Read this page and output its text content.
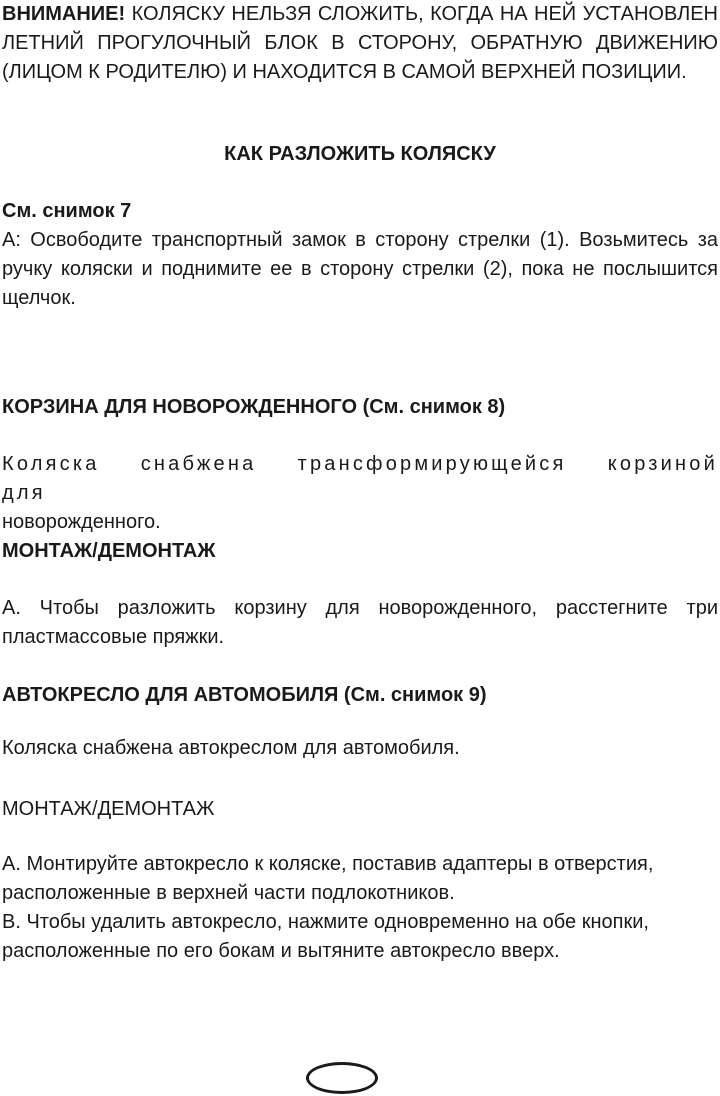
ВНИМАНИЕ! КОЛЯСКУ НЕЛЬЗЯ СЛОЖИТЬ, КОГДА НА НЕЙ УСТАНОВЛЕН ЛЕТНИЙ ПРОГУЛОЧНЫЙ БЛОК В СТОРОНУ, ОБРАТНУЮ ДВИЖЕНИЮ (ЛИЦОМ К РОДИТЕЛЮ) И НАХОДИТСЯ В САМОЙ ВЕРХНЕЙ ПОЗИЦИИ.

КАК РАЗЛОЖИТЬ КОЛЯСКУ

См. снимок 7

А: Освободите транспортный замок в сторону стрелки (1). Возьмитесь за ручку коляски и поднимите ее в сторону стрелки (2), пока не послышится щелчок.

КОРЗИНА ДЛЯ НОВОРОЖДЕННОГО (См. снимок 8)

Коляска снабжена трансформирующейся корзиной для
новорожденного.

МОНТАЖ/ДЕМОНТАЖ

А. Чтобы разложить корзину для новорожденного, расстегните три пластмассовые пряжки.

АВТОКРЕСЛО ДЛЯ АВТОМОБИЛЯ (См. снимок 9)

Коляска снабжена автокреслом для автомобиля.

МОНТАЖ/ДЕМОНТАЖ

А. Монтируйте автокресло к коляске, поставив адаптеры в отверстия, расположенные в верхней части подлокотников.
В. Чтобы удалить автокресло, нажмите одновременно на обе кнопки, расположенные по его бокам и вытяните автокресло вверх.
